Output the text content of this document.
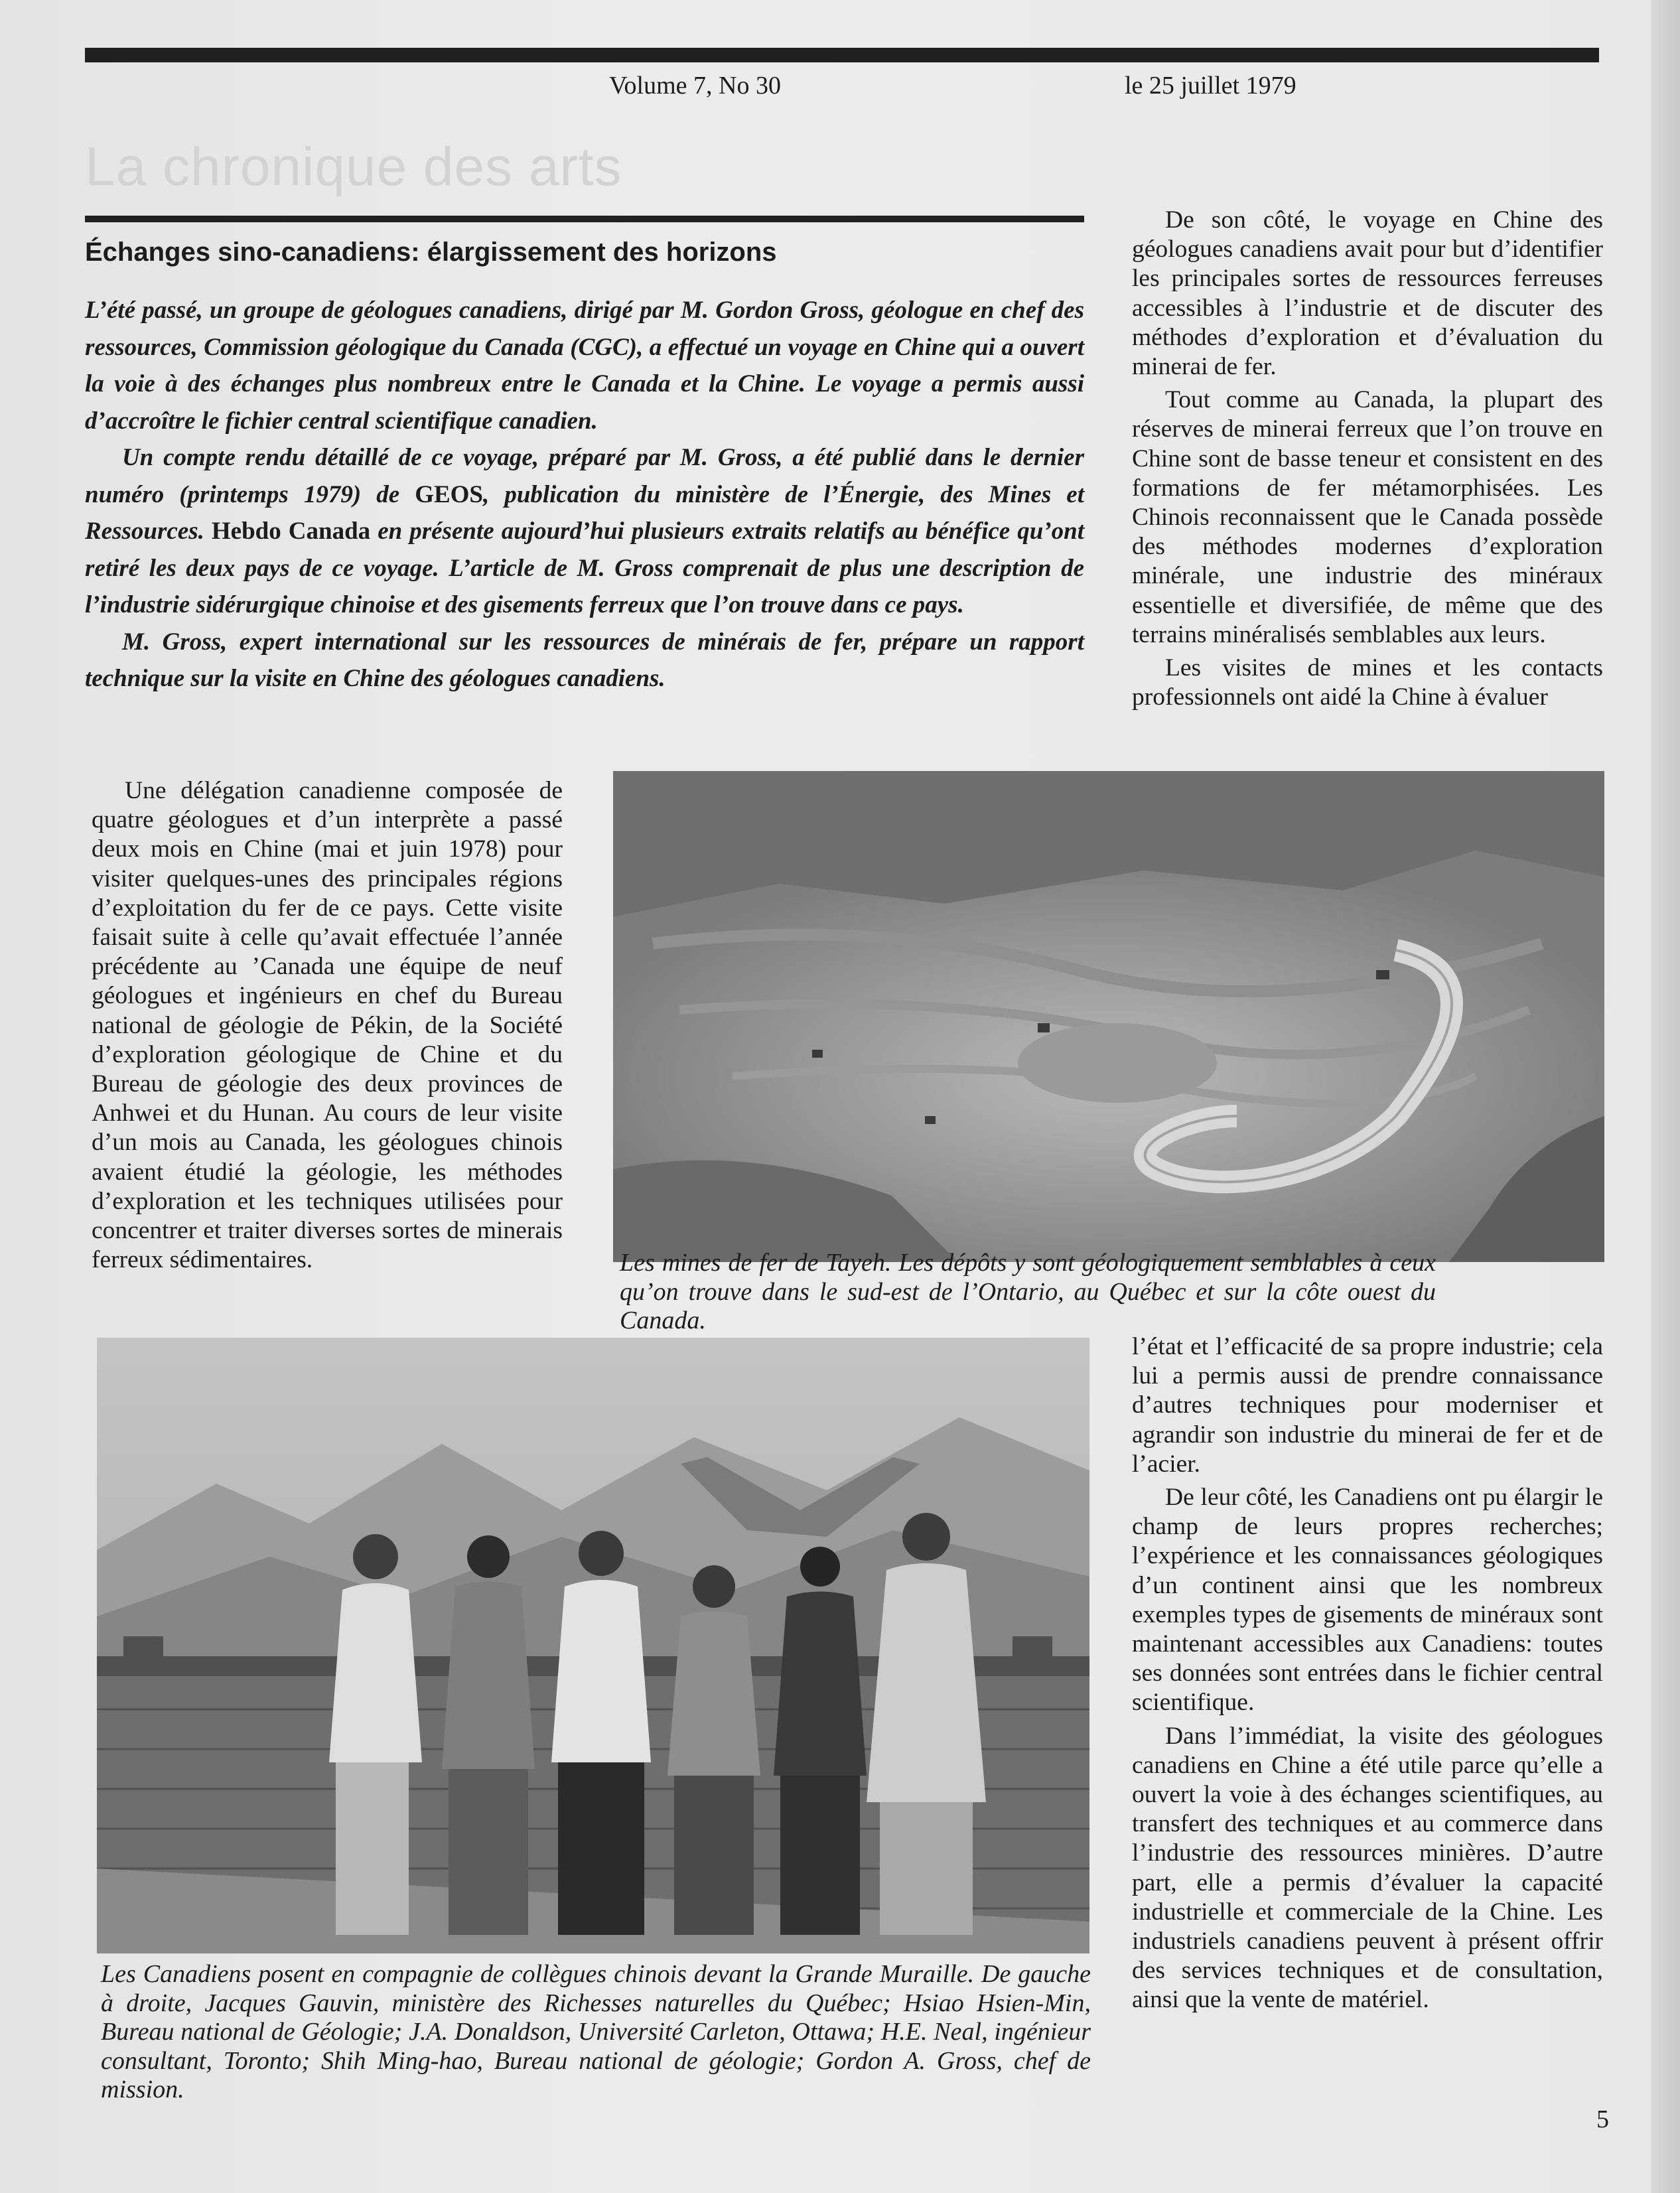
Volume 7, No 30	le 25 juillet 1979
La chronique des arts
Échanges sino-canadiens: élargissement des horizons

L’été passé, un groupe de géologues canadiens, dirigé par M. Gordon Gross, géologue en chef des ressources, Commission géologique du Canada (CGC), a effectué un voyage en Chine qui a ouvert la voie à des échanges plus nombreux entre le Canada et la Chine. Le voyage a permis aussi d’accroître le fichier central scientifique canadien.

Un compte rendu détaillé de ce voyage, préparé par M. Gross, a été publié dans le dernier numéro (printemps 1979) de GEOS, publication du ministère de l’Énergie, des Mines et Ressources. Hebdo Canada en présente aujourd’hui plusieurs extraits relatifs au bénéfice qu’ont retiré les deux pays de ce voyage. L’article de M. Gross comprenait de plus une description de l’industrie sidérurgique chinoise et des gisements ferreux que l’on trouve dans ce pays.

M. Gross, expert international sur les ressources de minérais de fer, prépare un rapport technique sur la visite en Chine des géologues canadiens.

De son côté, le voyage en Chine des géologues canadiens avait pour but d’identifier les principales sortes de ressources ferreuses accessibles à l’industrie et de discuter des méthodes d’exploration et d’évaluation du minerai de fer.

Tout comme au Canada, la plupart des réserves de minerai ferreux que l’on trouve en Chine sont de basse teneur et consistent en des formations de fer métamorphisées. Les Chinois reconnaissent que le Canada possède des méthodes modernes d’exploration minérale, une industrie des minéraux essentielle et diversifiée, de même que des terrains minéralisés semblables aux leurs.

Les visites de mines et les contacts professionnels ont aidé la Chine à évaluer

Une délégation canadienne composée de quatre géologues et d’un interprète a passé deux mois en Chine (mai et juin 1978) pour visiter quelques-unes des principales régions d’exploitation du fer de ce pays. Cette visite faisait suite à celle qu’avait effectuée l’année précédente au ’Canada une équipe de neuf géologues et ingénieurs en chef du Bureau national de géologie de Pékin, de la Société d’exploration géologique de Chine et du Bureau de géologie des deux provinces de Anhwei et du Hunan. Au cours de leur visite d’un mois au Canada, les géologues chinois avaient étudié la géologie, les méthodes d’exploration et les techniques utilisées pour concentrer et traiter diverses sortes de minerais ferreux sédimentaires.	Les mines de fer de Tayeh. Les dépôts y sont géologiquement semblables à ceux qu’on trouve dans le sud-est de l’Ontario, au Québec et sur la côte ouest du Canada.
Les Canadiens posent en compagnie de collègues chinois devant la Grande Muraille. De gauche à droite, Jacques Gauvin, ministère des Richesses naturelles du Québec; Hsiao Hsien-Min, Bureau national de Géologie; J.A. Donaldson, Université Carleton, Ottawa; H.E. Neal, ingénieur consultant, Toronto; Shih Ming-hao, Bureau national de géologie; Gordon A. Gross, chef de mission.

l’état et l’efficacité de sa propre industrie; cela lui a permis aussi de prendre connaissance d’autres techniques pour moderniser et agrandir son industrie du minerai de fer et de l’acier.

De leur côté, les Canadiens ont pu élargir le champ de leurs propres recherches; l’expérience et les connaissances géologiques d’un continent ainsi que les nombreux exemples types de gisements de minéraux sont maintenant accessibles aux Canadiens: toutes ses données sont entrées dans le fichier central scientifique.

Dans l’immédiat, la visite des géologues canadiens en Chine a été utile parce qu’elle a ouvert la voie à des échanges scientifiques, au transfert des techniques et au commerce dans l’industrie des ressources minières. D’autre part, elle a permis d’évaluer la capacité industrielle et commerciale de la Chine. Les industriels canadiens peuvent à présent offrir des services techniques et de consultation, ainsi que la vente de matériel.

5
